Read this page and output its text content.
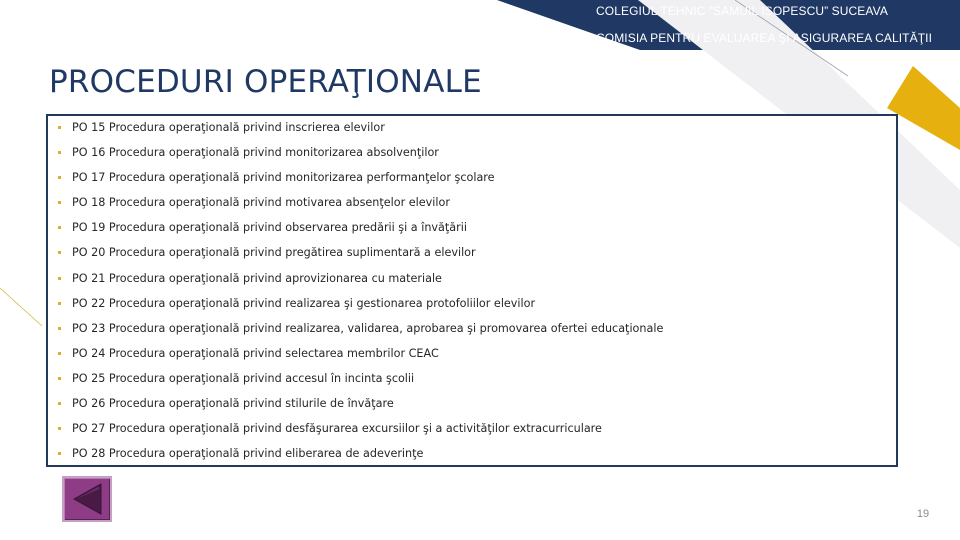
COLEGIUL TEHNIC ”SAMUIL ISOPESCU” SUCEAVA
COMISIA PENTRU EVALUAREA ŞI ASIGURAREA CALITĂŢII
PROCEDURI OPERAŢIONALE
PO 15 Procedura operaţională privind inscrierea elevilor
PO 16 Procedura operaţională privind monitorizarea absolvenţilor
PO 17 Procedura operaţională privind monitorizarea performanţelor şcolare
PO 18 Procedura operaţională privind motivarea absenţelor elevilor
PO 19 Procedura operaţională privind observarea predării şi a învăţării
PO 20 Procedura operaţională privind pregătirea suplimentară a elevilor
PO 21 Procedura operaţională privind aprovizionarea cu materiale
PO 22 Procedura operaţională privind realizarea şi gestionarea protofoliilor elevilor
PO 23 Procedura operaţională privind realizarea, validarea, aprobarea şi promovarea ofertei educaţionale
PO 24 Procedura operaţională privind selectarea membrilor CEAC
PO 25 Procedura operaţională privind accesul în incinta şcolii
PO 26 Procedura operaţională privind stilurile de învăţare
PO 27 Procedura operaţională privind desfăşurarea excursiilor şi a activităţilor extracurriculare
PO 28 Procedura operaţională privind eliberarea de adeverinţe
19
